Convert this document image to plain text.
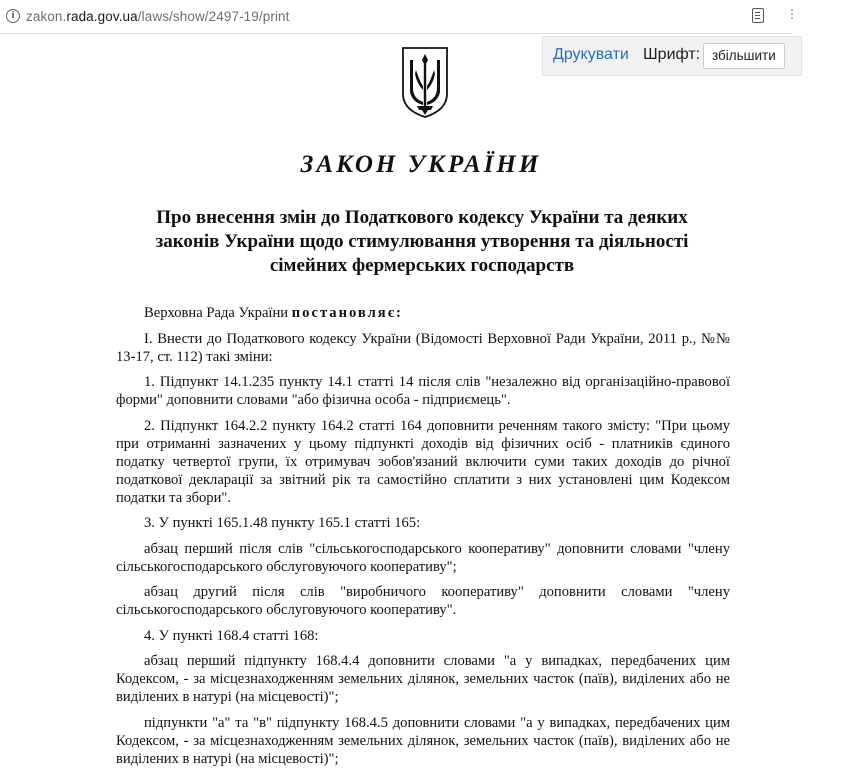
i zakon.rada.gov.ua/laws/show/2497-19/print	⋮
Друкувати Шрифт: збільшити
ЗАКОН УКРАЇНИ
Про внесення змін до Податкового кодексу України та деяких
законів України щодо стимулювання утворення та діяльності
сімейних фермерських господарств

Верховна Рада України постановляє:

І. Внести до Податкового кодексу України (Відомості Верховної Ради України, 2011 р., №№ 13-17, ст. 112) такі зміни:

1. Підпункт 14.1.235 пункту 14.1 статті 14 після слів "незалежно від організаційно-правової форми" доповнити словами "або фізична особа - підприємець".

2. Підпункт 164.2.2 пункту 164.2 статті 164 доповнити реченням такого змісту: "При цьому при отриманні зазначених у цьому підпункті доходів від фізичних осіб - платників єдиного податку четвертої групи, їх отримувач зобов'язаний включити суми таких доходів до річної податкової декларації за звітний рік та самостійно сплатити з них установлені цим Кодексом податки та збори".

3. У пункті 165.1.48 пункту 165.1 статті 165:

абзац перший після слів "сільськогосподарського кооперативу" доповнити словами "члену сільськогосподарського обслуговуючого кооперативу";

абзац другий після слів "виробничого кооперативу" доповнити словами "члену сільськогосподарського обслуговуючого кооперативу".

4. У пункті 168.4 статті 168:

абзац перший підпункту 168.4.4 доповнити словами "а у випадках, передбачених цим Кодексом, - за місцезнаходженням земельних ділянок, земельних часток (паїв), виділених або не виділених в натурі (на місцевості)";

підпункти "а" та "в" підпункту 168.4.5 доповнити словами "а у випадках, передбачених цим Кодексом, - за місцезнаходженням земельних ділянок, земельних часток (паїв), виділених або не виділених в натурі (на місцевості)";
